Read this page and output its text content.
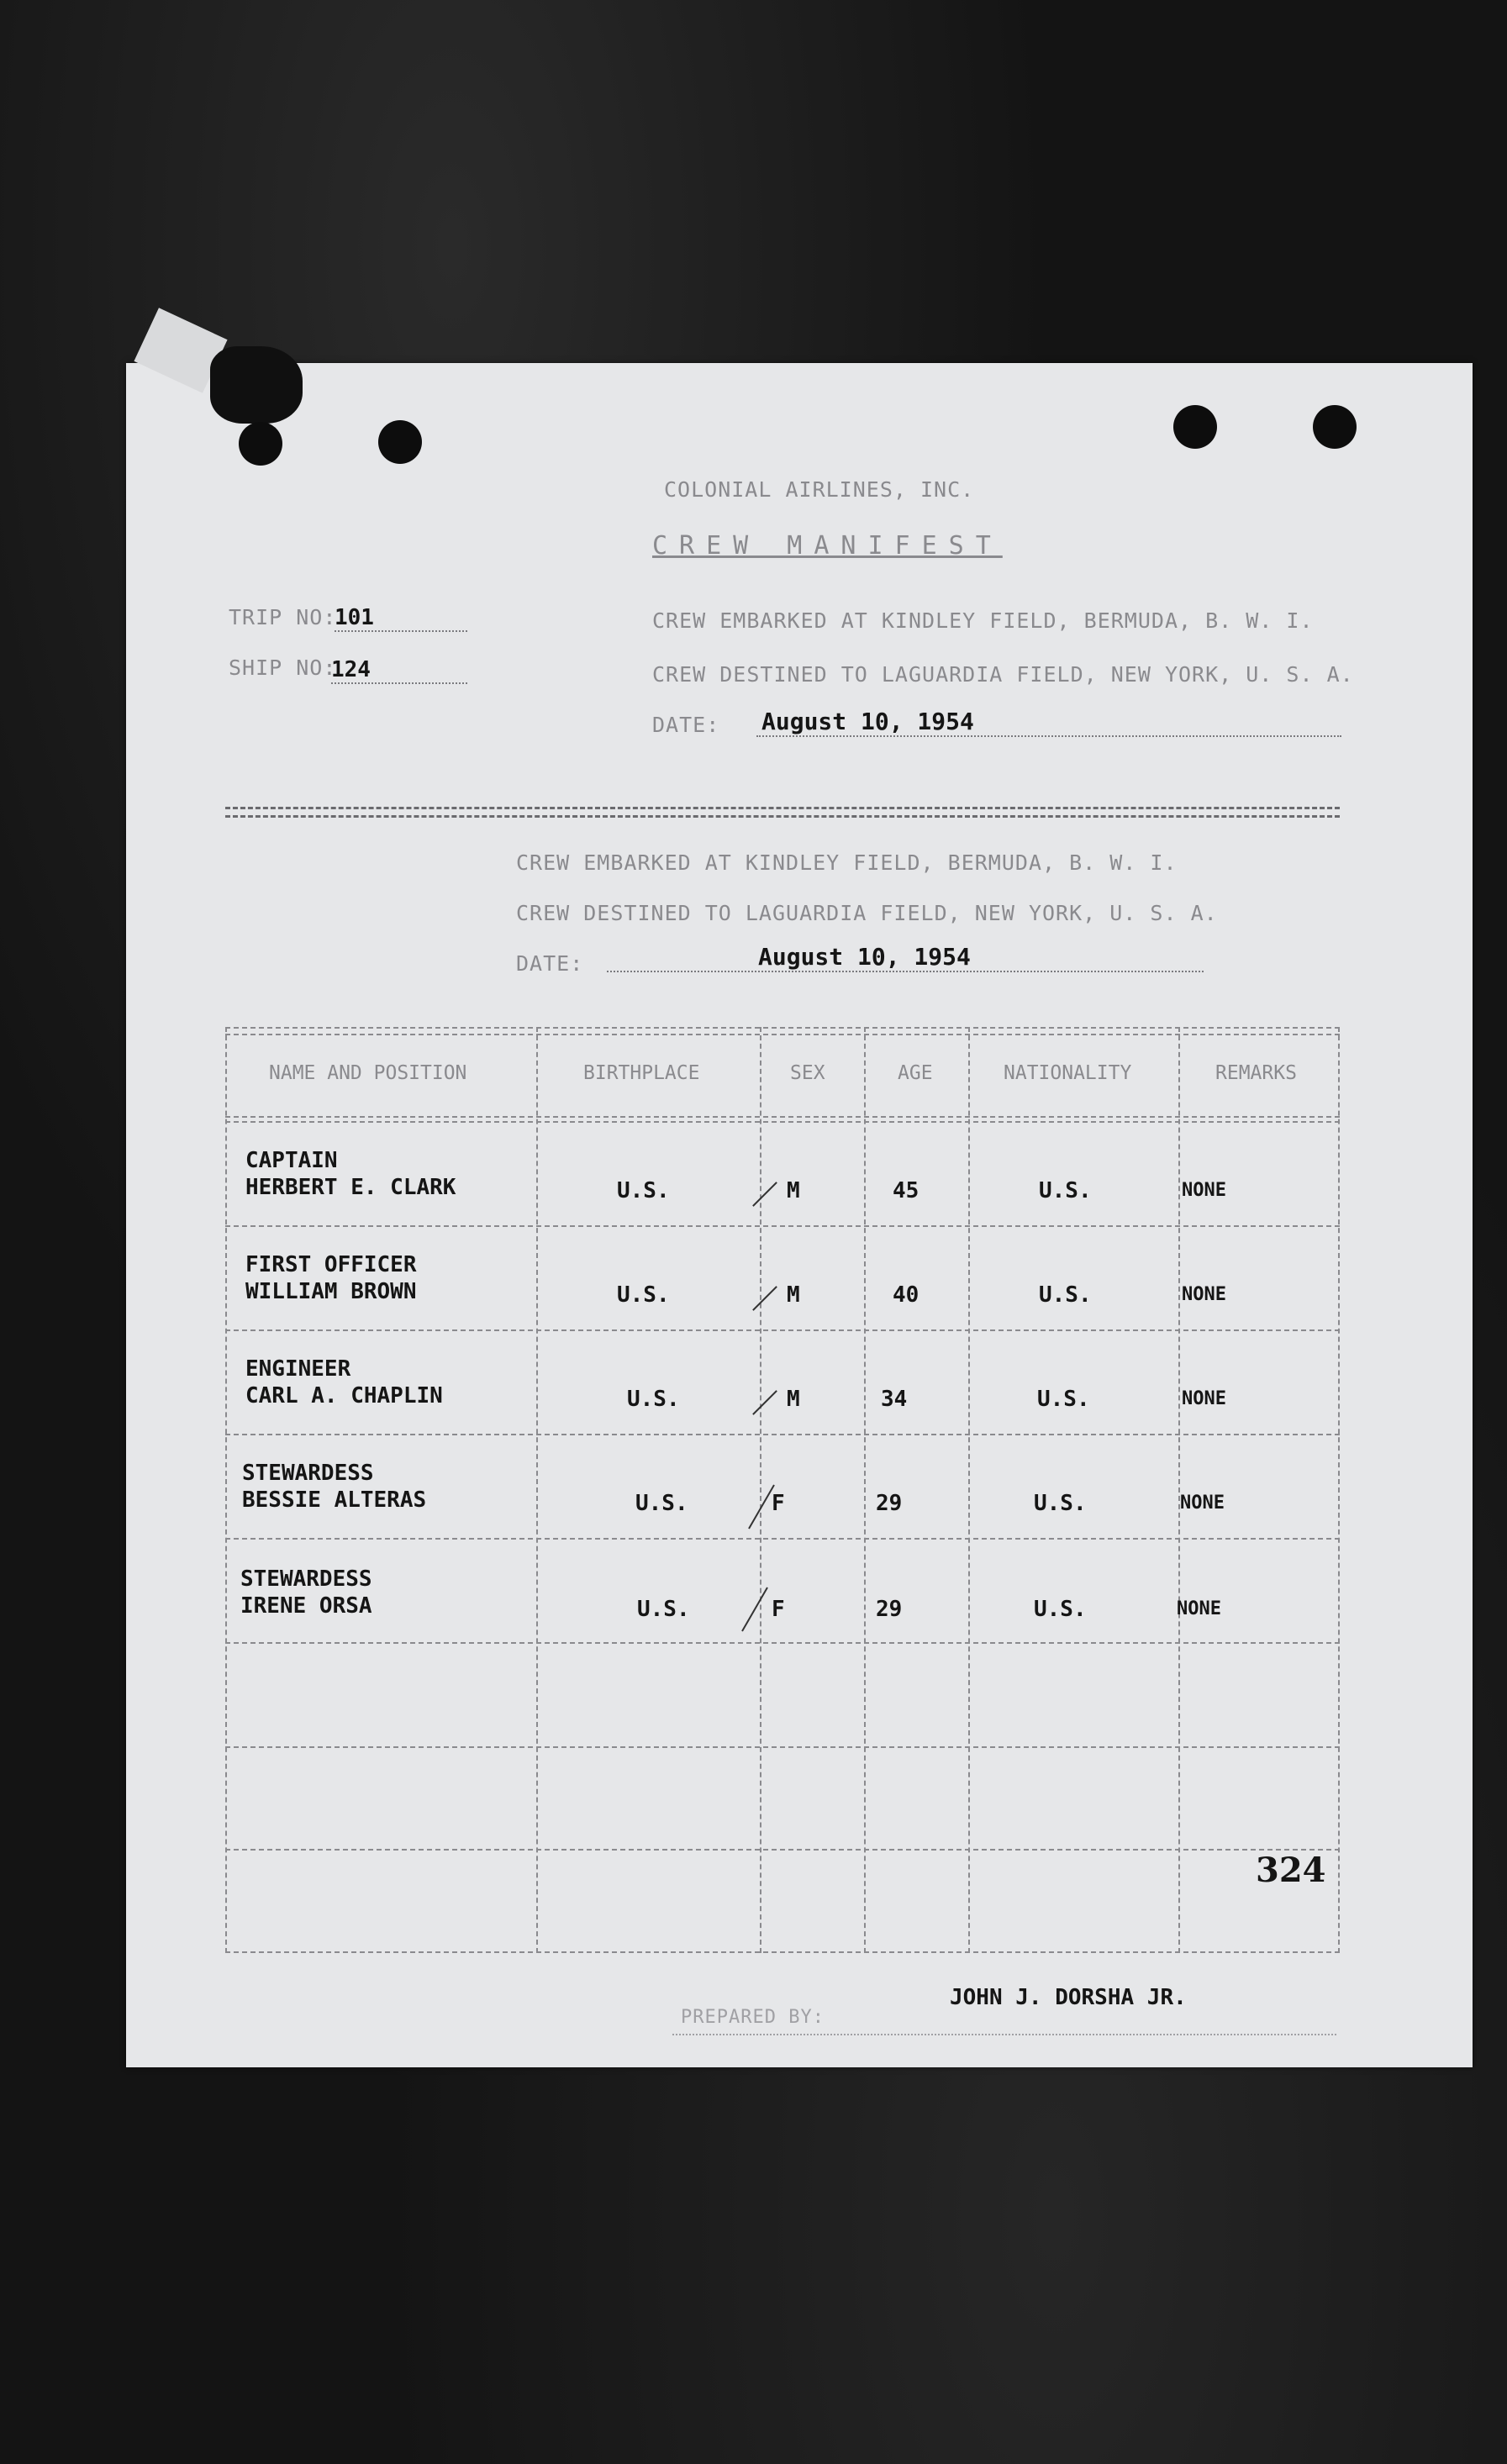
COLONIAL AIRLINES, INC.
CREW MANIFEST
TRIP NO:
101
SHIP NO:
124
CREW EMBARKED AT KINDLEY FIELD, BERMUDA, B. W. I.
CREW DESTINED TO LAGUARDIA FIELD, NEW YORK, U. S. A.
DATE: August 10, 1954
CREW EMBARKED AT KINDLEY FIELD, BERMUDA, B. W. I.
CREW DESTINED TO LAGUARDIA FIELD, NEW YORK, U. S. A.
DATE:	August 10, 1954
NAME AND POSITION	BIRTHPLACE	SEX	AGE	NATIONALITY	REMARKS
CAPTAIN
HERBERT E. CLARK	U.S.	M	45	U.S.	NONE
FIRST OFFICER
WILLIAM BROWN	U.S.	M	40	U.S.	NONE
ENGINEER
CARL A. CHAPLIN	U.S.	M	34	U.S.	NONE
STEWARDESS
BESSIE ALTERAS	U.S.	F	29	U.S.	NONE
STEWARDESS
IRENE ORSA	U.S.	F	29	U.S.	NONE
324
PREPARED BY:
JOHN J. DORSHA JR.
